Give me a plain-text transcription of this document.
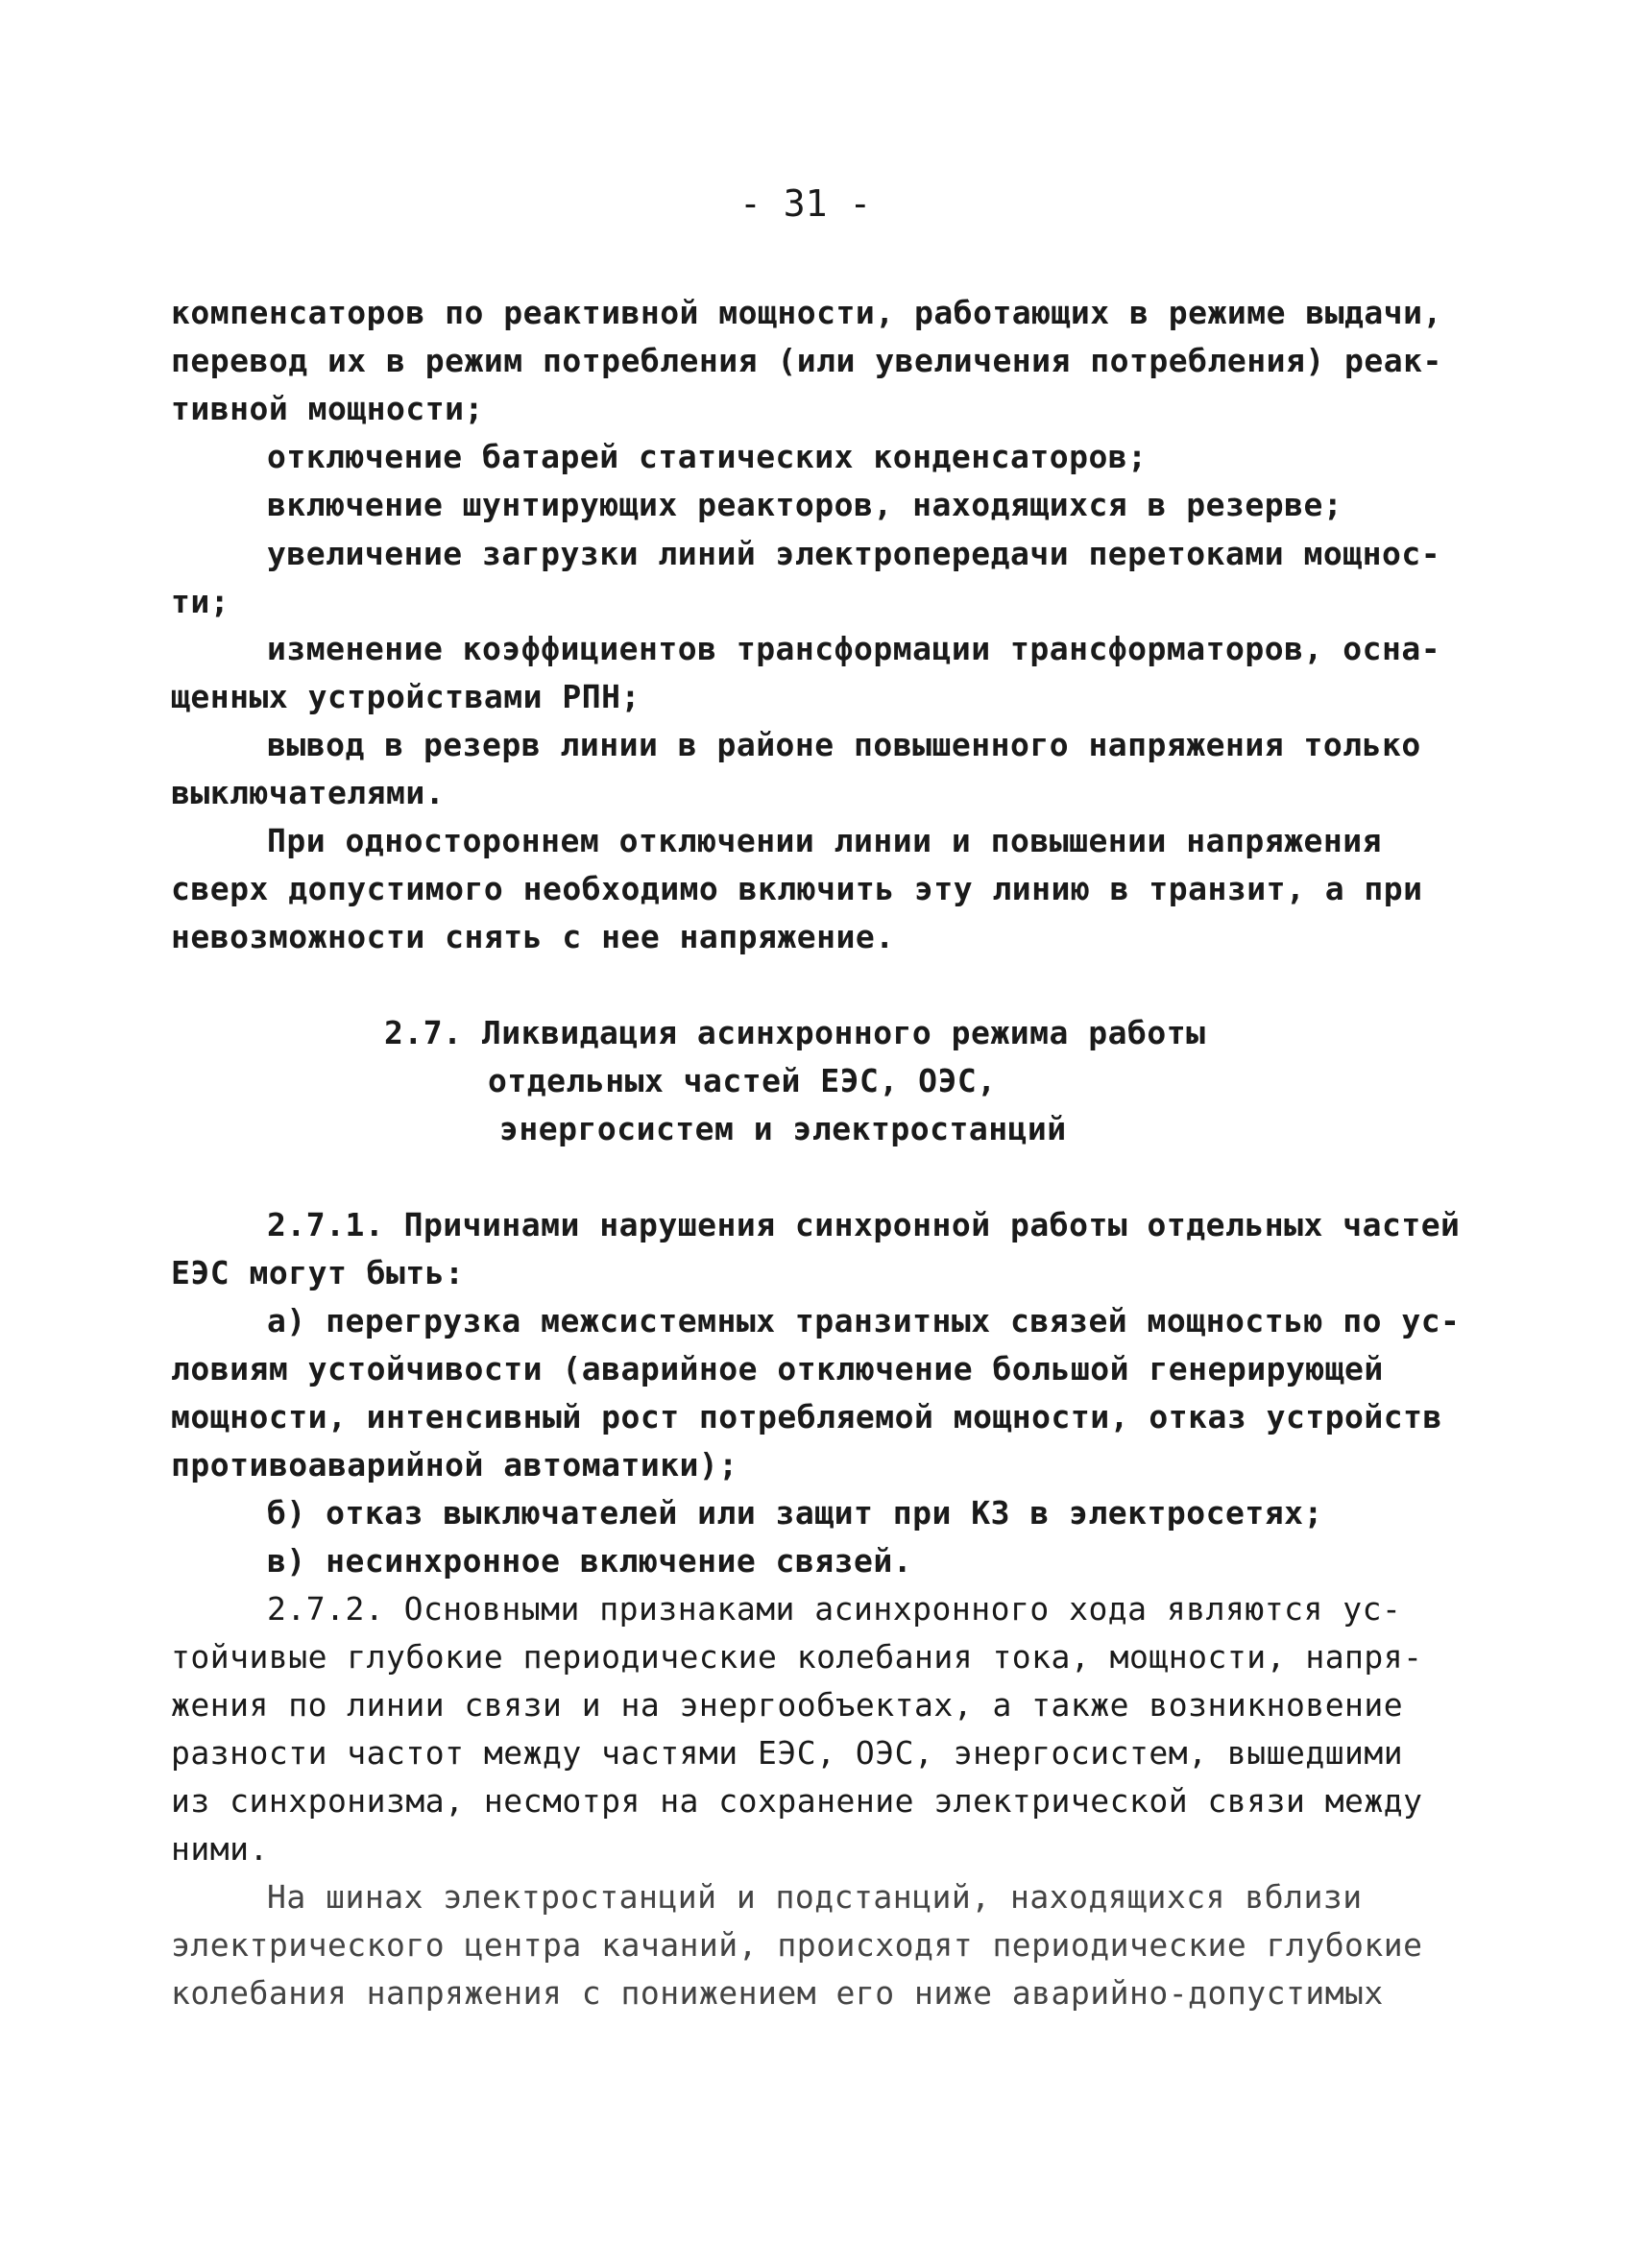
- 31 -
компенсаторов по реактивной мощности, работающих в режиме выдачи,
перевод их в режим потребления (или увеличения потребления) реак-
тивной мощности;
отключение батарей статических конденсаторов;
включение шунтирующих реакторов, находящихся в резерве;
увеличение загрузки линий электропередачи перетоками мощнос-
ти;
изменение коэффициентов трансформации трансформаторов, осна-
щенных устройствами РПН;
вывод в резерв линии в районе повышенного напряжения только
выключателями.
При одностороннем отключении линии и повышении напряжения
сверх допустимого необходимо включить эту линию в транзит, а при
невозможности снять с нее напряжение.
2.7. Ликвидация асинхронного режима работы
отдельных частей ЕЭС, ОЭС,
энергосистем и электростанций
2.7.1. Причинами нарушения синхронной работы отдельных частей
ЕЭС могут быть:
а) перегрузка межсистемных транзитных связей мощностью по ус-
ловиям устойчивости (аварийное отключение большой генерирующей
мощности, интенсивный рост потребляемой мощности, отказ устройств
противоаварийной автоматики);
б) отказ выключателей или защит при КЗ в электросетях;
в) несинхронное включение связей.
2.7.2. Основными признаками асинхронного хода являются ус-
тойчивые глубокие периодические колебания тока, мощности, напря-
жения по линии связи и на энергообъектах, а также возникновение
разности частот между частями ЕЭС, ОЭС, энергосистем, вышедшими
из синхронизма, несмотря на сохранение электрической связи между
ними.
На шинах электростанций и подстанций, находящихся вблизи
электрического центра качаний, происходят периодические глубокие
колебания напряжения с понижением его ниже аварийно-допустимых
